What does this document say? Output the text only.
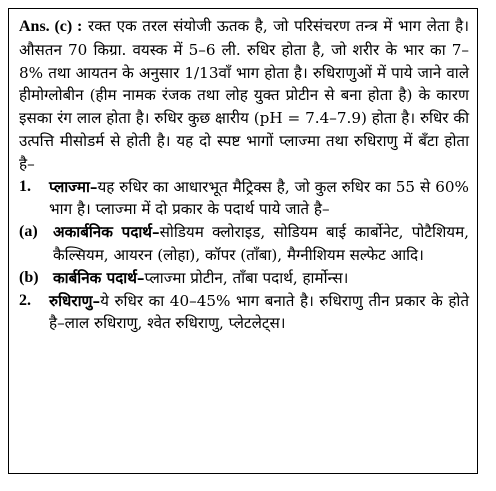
Ans. (c) : रक्त एक तरल संयोजी ऊतक है, जो परिसंचरण तन्त्र में भाग लेता है। औसतन 70 किग्रा. वयस्क में 5–6 ली. रुधिर होता है, जो शरीर के भार का 7–8% तथा आयतन के अनुसार 1/13वाँ भाग होता है। रुधिराणुओं में पाये जाने वाले हीमोग्लोबीन (हीम नामक रंजक तथा लोह युक्त प्रोटीन से बना होता है) के कारण इसका रंग लाल होता है। रुधिर कुछ क्षारीय (pH = 7.4–7.9) होता है। रुधिर की उत्पत्ति मीसोडर्म से होती है। यह दो स्पष्ट भागों प्लाज्मा तथा रुधिराणु में बँटा होता है–

1.	प्लाज्मा–यह रुधिर का आधारभूत मैट्रिक्स है, जो कुल रुधिर का 55 से 60% भाग है। प्लाज्मा में दो प्रकार के पदार्थ पाये जाते है–
(a)	अकार्बनिक पदार्थ–सोडियम क्लोराइड, सोडियम बाई कार्बोनेट, पोटैशियम, कैल्सियम, आयरन (लोहा), कॉपर (ताँबा), मैग्नीशियम सल्फेट आदि।
(b) कार्बनिक पदार्थ–प्लाज्मा प्रोटीन, ताँबा पदार्थ, हार्मोन्स।
2.	रुधिराणु–ये रुधिर का 40–45% भाग बनाते है। रुधिराणु तीन प्रकार के होते है–लाल रुधिराणु, श्वेत रुधिराणु, प्लेटलेट्स।
